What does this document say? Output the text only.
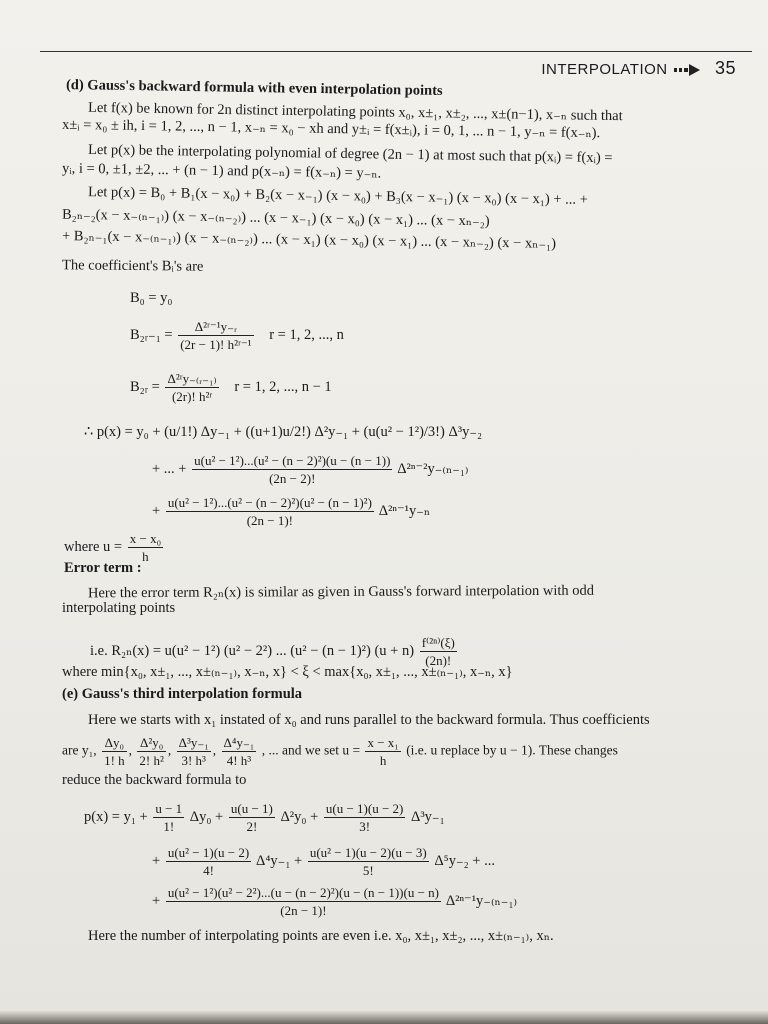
INTERPOLATION	35
(d) Gauss's backward formula with even interpolation points
Let f(x) be known for 2n distinct interpolating points x₀, x±₁, x±₂, ..., x±(n−1), x₋ₙ such that
x±ᵢ = x₀ ± ih, i = 1, 2, ..., n − 1, x₋ₙ = x₀ − xh and y±ᵢ = f(x±ᵢ), i = 0, 1, ... n − 1, y₋ₙ = f(x₋ₙ).
Let p(x) be the interpolating polynomial of degree (2n − 1) at most such that p(xᵢ) = f(xᵢ) =
yᵢ, i = 0, ±1, ±2, ... + (n − 1) and p(x₋ₙ) = f(x₋ₙ) = y₋ₙ.
Let p(x) = B₀ + B₁(x − x₀) + B₂(x − x₋₁) (x − x₀) + B₃(x − x₋₁) (x − x₀) (x − x₁) + ... +
B₂ₙ₋₂(x − x₋₍ₙ₋₁₎) (x − x₋₍ₙ₋₂₎) ... (x − x₋₁) (x − x₀) (x − x₁) ... (x − xₙ₋₂)
+ B₂ₙ₋₁(x − x₋₍ₙ₋₁₎) (x − x₋₍ₙ₋₂₎) ... (x − x₁) (x − x₀) (x − x₁) ... (x − xₙ₋₂) (x − xₙ₋₁)
The coefficient's Bᵢ's are
B₀ = y₀
B₂ᵣ₋₁ = $\frac{\text{Δ²ʳ⁻¹y₋ᵣ}}{\text{(2r − 1)! h²ʳ⁻¹}}$ r = 1, 2, ..., n
B₂ᵣ = $\frac{\text{Δ²ʳy₋₍ᵣ₋₁₎}}{\text{(2r)! h²ʳ}}$ r = 1, 2, ..., n − 1
∴ p(x) = y₀ + (u/1!) Δy₋₁ + ((u+1)u/2!) Δ²y₋₁ + (u(u² − 1²)/3!) Δ³y₋₂
+ ... + $\frac{\text{u(u² − 1²)...(u² − (n − 2)²)(u − (n − 1))}}{(2n - 2)!} \Delta^{2n-2}y_{-(n-1)}$
+ $\frac{\text{u(u² − 1²)...(u² − (n − 2)²)(u² − (n − 1)²)}}{(2n - 1)!} \Delta^{2n-1}y_{-n}$
where $u = \frac{\text{x − x₀}}{h}$
Error term :
Here the error term R₂ₙ(x) is similar as given in Gauss's forward interpolation with odd
interpolating points
i.e. R₂ₙ(x) = u(u² − 1²) (u² − 2²) ... (u² − (n − 1)²) $(u + n) \frac{\text{f⁽²ⁿ⁾(ξ)}}{(2n)!}$
where min{x₀, x±₁, ..., x±₍ₙ₋₁₎, x₋ₙ, x} < ξ < max{x₀, x±₁, ..., x±₍ₙ₋₁₎, x₋ₙ, x}
(e) Gauss's third interpolation formula
Here we starts with x₁ instated of x₀ and runs parallel to the backward formula. Thus coefficients
are y₁, $\frac{\text{Δy₀}}{1! h}$ , $\frac{\text{Δ²y₀}}{\text{2! h²}}$ , $\frac{\text{Δ³y₋₁}}{\text{3! h³}}$ , $\frac{\text{Δ⁴y₋₁}}{\text{4! h³}}$ , ... and we set $u = \frac{\text{x − x₁}}{h} (i.e$. u replace by u − 1). These changes
reduce the backward formula to
$p(x) = y_1 + \frac{u - 1}{1!} \Delta y_0 + \frac{u(u - 1)}{2!} \Delta^2y_0 + \frac{u(u - 1)(u - 2)}{3!} \Delta^3y_{-1}$
+ $\frac{\text{u(u² − 1)(u − 2)}}{4!} \Delta^4y_{-1} + \frac{\text{u(u² − 1)(u − 2)(u − 3)}}{5!} \Delta^5y_{-2}$ + ...
+ $\frac{\text{u(u² − 1²)(u² − 2²)...(u − (n − 2)²)(u − (n − 1))(u − n)}}{(2n - 1)!} \Delta^{2n-1}y_{-(n-1)}$
Here the number of interpolating points are even i.e. x₀, x±₁, x±₂, ..., x±₍ₙ₋₁₎, xₙ.
